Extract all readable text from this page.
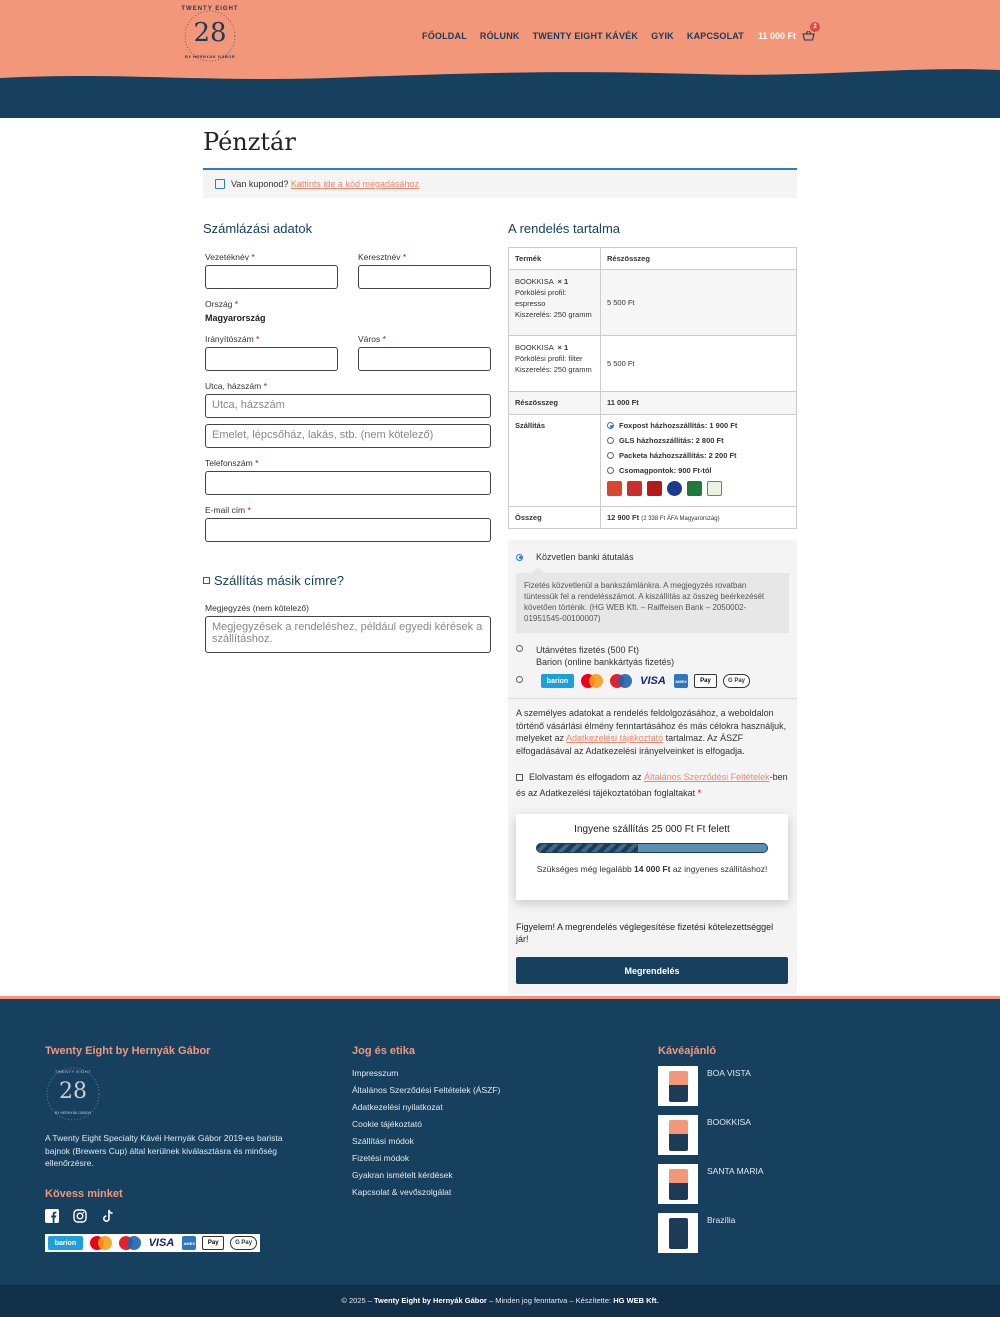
TWENTY EIGHT
28
BY HERNYÁK GÁBOR
FŐOLDAL RÓLUNK TWENTY EIGHT KÁVÉK GYIK KAPCSOLAT 11 000 Ft
2
Pénztár
Van kuponod? Kattints ide a kód megadásához
Számlázási adatok
Vezetéknév *	Keresztnév *
Ország *
Magyarország
Irányítószám *	Város *
Utca, házszám *
Utca, házszám
Emelet, lépcsőház, lakás, stb. (nem kötelező)
Telefonszám *
E-mail cím *
Szállítás másik címre?
Megjegyzés (nem kötelező)
Megjegyzések a rendeléshez, például egyedi kérések a szállításhoz.
A rendelés tartalma
Termék	Részösszeg
BOOKKISA × 1
Pörkölési profil: espresso
Kiszerelés: 250 gramm	5 500 Ft
BOOKKISA × 1
Pörkölési profil: filter
Kiszerelés: 250 gramm	5 500 Ft
Részösszeg	11 000 Ft
Szállítás	Foxpost házhozszállítás: 1 900 Ft
GLS házhozszállítás: 2 800 Ft
Packeta házhozszállítás: 2 200 Ft
Csomagpontok: 900 Ft-tól

Összeg	12 900 Ft (2 338 Ft ÁFA Magyarország)
Közvetlen banki átutalás
Fizetés közvetlenül a bankszámlánkra. A megjegyzés rovatban tüntessük fel a rendelésszámot. A kiszállítás az összeg beérkezését követően történik. (HG WEB Kft. – Raiffeisen Bank – 2050002-01951545-00100007)
Utánvétes fizetés (500 Ft)
Barion (online bankkártyás fizetés)
barion	VISA	AMEX	Pay	G Pay
A személyes adatokat a rendelés feldolgozásához, a weboldalon történő vásárlási élmény fenntartásához és más célokra használjuk, melyeket az Adatkezelési tájékoztató tartalmaz. Az ÁSZF elfogadásával az Adatkezelési irányelveinket is elfogadja.
Elolvastam és elfogadom az Általános Szerződési Feltételek-ben és az Adatkezelési tájékoztatóban foglaltakat *
Ingyene szállítás 25 000 Ft Ft felett
Szükséges még legalább 14 000 Ft az ingyenes szállításhoz!
Figyelem! A megrendelés véglegesítése fizetési kötelezettséggel jár!
Megrendelés
Twenty Eight by Hernyák Gábor
28
TWENTY EIGHT
BY HERNYÁK GÁBOR
A Twenty Eight Specialty Kávéi Hernyák Gábor 2019-es barista bajnok (Brewers Cup) által kerülnek kiválasztásra és minőség ellenőrzésre.
Kövess minket
barion	VISA	AMEX	Pay	G Pay
Jog és etika
Impresszum
Általános Szerződési Feltételek (ÁSZF)
Adatkezelési nyilatkozat
Cookie tájékoztató
Szállítási módok
Fizetési módok
Gyakran ismételt kérdések
Kapcsolat & vevőszolgálat
Kávéajánló
BOA VISTA
BOOKKISA
SANTA MARIA
Brazília
© 2025 – Twenty Eight by Hernyák Gábor – Minden jog fenntartva – Készítette: HG WEB Kft.
